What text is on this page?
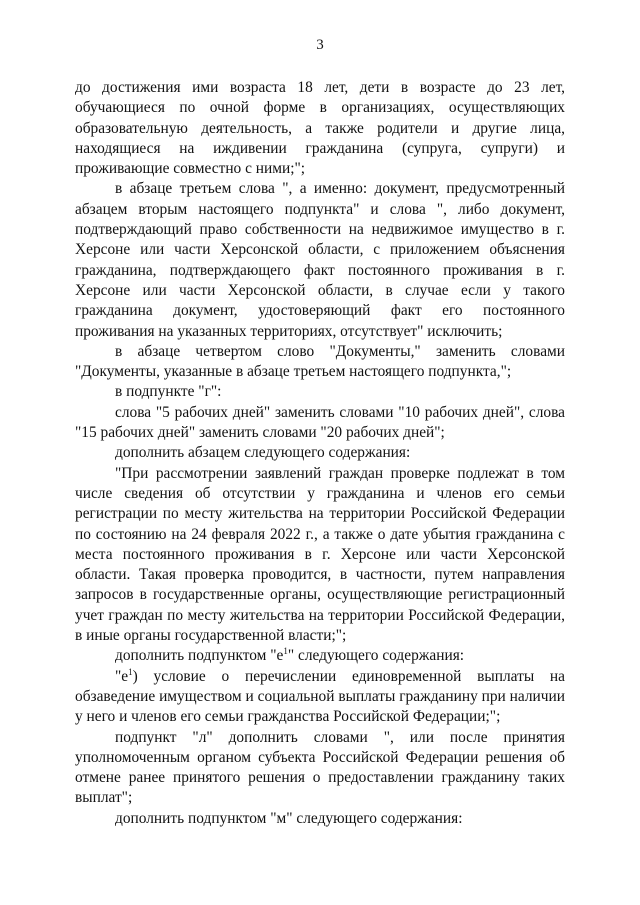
3

до достижения ими возраста 18 лет, дети в возрасте до 23 лет, обучающиеся по очной форме в организациях, осуществляющих образовательную деятельность, а также родители и другие лица, находящиеся на иждивении гражданина (супруга, супруги) и проживающие совместно с ними;";

в абзаце третьем слова ", а именно: документ, предусмотренный абзацем вторым настоящего подпункта" и слова ", либо документ, подтверждающий право собственности на недвижимое имущество в г. Херсоне или части Херсонской области, с приложением объяснения гражданина, подтверждающего факт постоянного проживания в г. Херсоне или части Херсонской области, в случае если у такого гражданина документ, удостоверяющий факт его постоянного проживания на указанных территориях, отсутствует" исключить;

в абзаце четвертом слово "Документы," заменить словами "Документы, указанные в абзаце третьем настоящего подпункта,";

в подпункте "г":

слова "5 рабочих дней" заменить словами "10 рабочих дней", слова "15 рабочих дней" заменить словами "20 рабочих дней";

дополнить абзацем следующего содержания:

"При рассмотрении заявлений граждан проверке подлежат в том числе сведения об отсутствии у гражданина и членов его семьи регистрации по месту жительства на территории Российской Федерации по состоянию на 24 февраля 2022 г., а также о дате убытия гражданина с места постоянного проживания в г. Херсоне или части Херсонской области. Такая проверка проводится, в частности, путем направления запросов в государственные органы, осуществляющие регистрационный учет граждан по месту жительства на территории Российской Федерации, в иные органы государственной власти;";

дополнить подпунктом "$е^1$" следующего содержания:

"$е^1$) условие о перечислении единовременной выплаты на обзаведение имуществом и социальной выплаты гражданину при наличии у него и членов его семьи гражданства Российской Федерации;";

подпункт "л" дополнить словами ", или после принятия уполномоченным органом субъекта Российской Федерации решения об отмене ранее принятого решения о предоставлении гражданину таких выплат";

дополнить подпунктом "м" следующего содержания:
